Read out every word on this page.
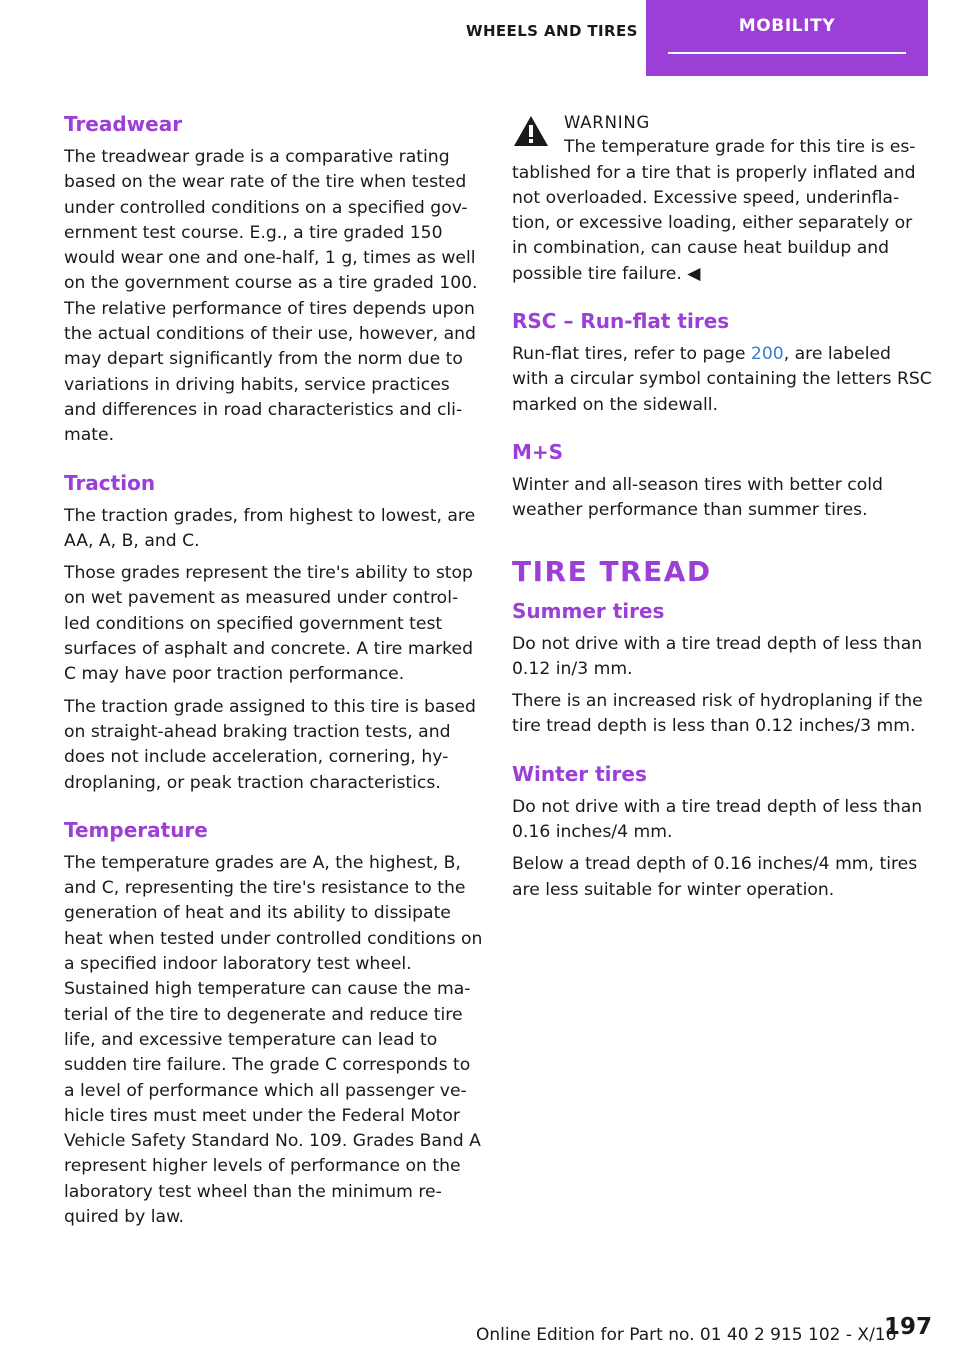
WHEELS AND TIRES	MOBILITY
Treadwear

The treadwear grade is a comparative rating based on the wear rate of the tire when tested under controlled conditions on a specified gov-ernment test course. E.g., a tire graded 150 would wear one and one-half, 1 g, times as well on the government course as a tire graded 100. The relative performance of tires depends upon the actual conditions of their use, however, and may depart significantly from the norm due to variations in driving habits, service practices and differences in road characteristics and cli-mate.

Traction

The traction grades, from highest to lowest, are AA, A, B, and C.

Those grades represent the tire's ability to stop on wet pavement as measured under control-led conditions on specified government test surfaces of asphalt and concrete. A tire marked C may have poor traction performance.

The traction grade assigned to this tire is based on straight-ahead braking traction tests, and does not include acceleration, cornering, hy-droplaning, or peak traction characteristics.

Temperature

The temperature grades are A, the highest, B, and C, representing the tire's resistance to the generation of heat and its ability to dissipate heat when tested under controlled conditions on a specified indoor laboratory test wheel. Sustained high temperature can cause the ma-terial of the tire to degenerate and reduce tire life, and excessive temperature can lead to sudden tire failure. The grade C corresponds to a level of performance which all passenger ve-hicle tires must meet under the Federal Motor Vehicle Safety Standard No. 109. Grades Band A represent higher levels of performance on the laboratory test wheel than the minimum re-quired by law.

WARNING
The temperature grade for this tire is es-

tablished for a tire that is properly inflated and not overloaded. Excessive speed, underinfla-tion, or excessive loading, either separately or in combination, can cause heat buildup and possible tire failure. ◀

RSC – Run-flat tires

Run-flat tires, refer to page 200, are labeled with a circular symbol containing the letters RSC marked on the sidewall.

M+S

Winter and all-season tires with better cold weather performance than summer tires.

TIRE TREAD
Summer tires

Do not drive with a tire tread depth of less than 0.12 in/3 mm.

There is an increased risk of hydroplaning if the tire tread depth is less than 0.12 inches/3 mm.

Winter tires

Do not drive with a tire tread depth of less than 0.16 inches/4 mm.

Below a tread depth of 0.16 inches/4 mm, tires are less suitable for winter operation.

Online Edition for Part no. 01 40 2 915 102 - X/16
197
